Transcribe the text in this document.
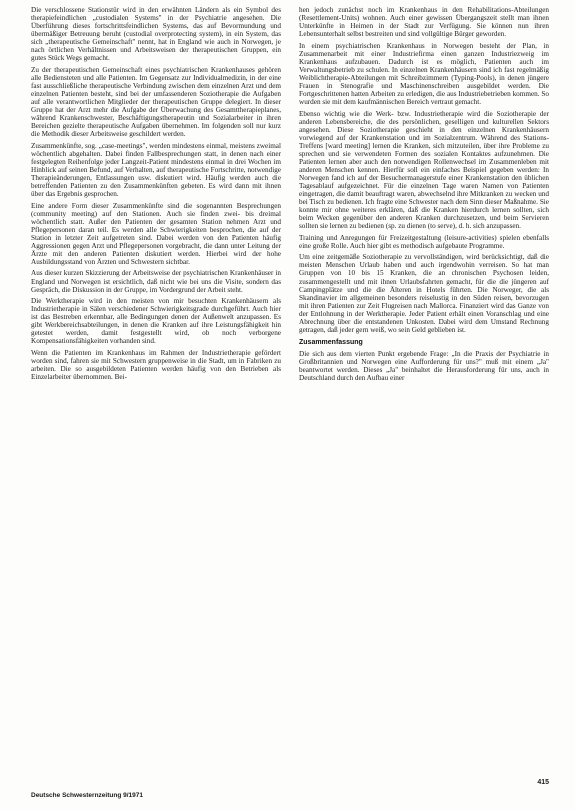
Die verschlossene Stationstür wird in den erwähnten Ländern als ein Symbol des therapiefeindlichen „custodialen Systems" in der Psychiatrie angesehen. Die Überführung dieses fortschrittsfeindlichen Systems, das auf Bevormundung und übermäßiger Betreuung beruht (custodial overprotecting system), in ein System, das sich „therapeutische Gemeinschaft" nennt, hat in England wie auch in Norwegen, je nach örtlichen Verhältnissen und Arbeitsweisen der therapeutischen Gruppen, ein gutes Stück Wegs gemacht.

Zu der therapeutischen Gemeinschaft eines psychiatrischen Krankenhauses gehören alle Bediensteten und alle Patienten. Im Gegensatz zur Individualmedizin, in der eine fast ausschließliche therapeutische Verbindung zwischen dem einzelnen Arzt und dem einzelnen Patienten besteht, sind bei der umfassenderen Soziotherapie die Aufgaben auf alle verantwortlichen Mitglieder der therapeutischen Gruppe delegiert. In dieser Gruppe hat der Arzt mehr die Aufgabe der Überwachung des Gesamttherapieplanes, während Krankenschwester, Beschäftigungstherapeutin und Sozialarbeiter in ihren Bereichen gezielte therapeutische Aufgaben übernehmen. Im folgenden soll nur kurz die Methodik dieser Arbeitsweise geschildert werden.

Zusammenkünfte, sog. „case-meetings", werden mindestens einmal, meistens zweimal wöchentlich abgehalten. Dabei finden Fallbesprechungen statt, in denen nach einer festgelegten Reihenfolge jeder Langzeit-Patient mindestens einmal in drei Wochen im Hinblick auf seinen Befund, auf Verhalten, auf therapeutische Fortschritte, notwendige Therapieänderungen, Entlassungen usw. diskutiert wird. Häufig werden auch die betreffenden Patienten zu den Zusammenkünften gebeten. Es wird dann mit ihnen über das Ergebnis gesprochen.

Eine andere Form dieser Zusammenkünfte sind die sogenannten Besprechungen (community meeting) auf den Stationen. Auch sie finden zwei- bis dreimal wöchentlich statt. Außer den Patienten der gesamten Station nehmen Arzt und Pflegepersonen daran teil. Es werden alle Schwierigkeiten besprochen, die auf der Station in letzter Zeit aufgetreten sind. Dabei werden von den Patienten häufig Aggressionen gegen Arzt und Pflegepersonen vorgebracht, die dann unter Leitung der Ärzte mit den anderen Patienten diskutiert werden. Hierbei wird der hohe Ausbildungsstand von Ärzten und Schwestern sichtbar.

Aus dieser kurzen Skizzierung der Arbeitsweise der psychiatrischen Krankenhäuser in England und Norwegen ist ersichtlich, daß nicht wie bei uns die Visite, sondern das Gespräch, die Diskussion in der Gruppe, im Vordergrund der Arbeit steht.

Die Werktherapie wird in den meisten von mir besuchten Krankenhäusern als Industrietherapie in Sälen verschiedener Schwierigkeitsgrade durchgeführt. Auch hier ist das Bestreben erkennbar, alle Bedingungen denen der Außenwelt anzupassen. Es gibt Werkbereichsabteilungen, in denen die Kranken auf ihre Leistungsfähigkeit hin getestet werden, damit festgestellt wird, ob noch verborgene Kompensationsfähigkeiten vorhanden sind.

Wenn die Patienten im Krankenhaus im Rahmen der Industrietherapie gefördert worden sind, fahren sie mit Schwestern gruppenweise in die Stadt, um in Fabriken zu arbeiten. Die so ausgebildeten Patienten werden häufig von den Betrieben als Einzelarbeiter übernommen. Bei-

hen jedoch zunächst noch im Krankenhaus in den Rehabilitations-Abteilungen (Resettlement-Units) wohnen. Auch einer gewissen Übergangszeit stellt man ihnen Unterkünfte in Heimen in der Stadt zur Verfügung. Sie können nun ihren Lebensunterhalt selbst bestreiten und sind vollgültige Bürger geworden.

In einem psychiatrischen Krankenhaus in Norwegen besteht der Plan, in Zusammenarbeit mit einer Industriefirma einen ganzen Industriezweig im Krankenhaus aufzubauen. Dadurch ist es möglich, Patienten auch im Verwaltungsbetrieb zu schulen. In einzelnen Krankenhäusern sind ich fast regelmäßig Weiblichtherapie-Abteilungen mit Schreibzimmern (Typing-Pools), in denen jüngere Frauen in Stenografie und Maschinenschreiben ausgebildet werden. Die Fortgeschrittenen hatten Arbeiten zu erledigen, die aus Industriebetrieben kommen. So wurden sie mit dem kaufmännischen Bereich vertraut gemacht.

Ebenso wichtig wie die Werk- bzw. Industrietherapie wird die Soziotherapie der anderen Lebensbereiche, die des persönlichen, geselligen und kulturellen Sektors angesehen. Diese Soziotherapie geschieht in den einzelnen Krankenhäusern vorwiegend auf der Krankenstation und im Sozialzentrum. Während des Stations-Treffens [ward meeting] lernen die Kranken, sich mitzuteilen, über ihre Probleme zu sprechen und sie verwendeten Formen des sozialen Kontaktes aufzunehmen. Die Patienten lernen aber auch den notwendigen Rollenwechsel im Zusammenleben mit anderen Menschen kennen. Hierfür soll ein einfaches Beispiel gegeben werden: In Norwegen fand ich auf der Besuchermanagerstufe einer Krankenstation den üblichen Tagesablauf aufgezeichnet. Für die einzelnen Tage waren Namen von Patienten eingetragen, die damit beauftragt waren, abwechselnd ihre Mitkranken zu wecken und bei Tisch zu bedienen. Ich fragte eine Schwester nach dem Sinn dieser Maßnahme. Sie konnte mir ohne weiteres erklären, daß die Kranken hierdurch lernen sollten, sich beim Wecken gegenüber den anderen Kranken durchzusetzen, und beim Servieren sollten sie lernen zu bedienen (sp. zu dienen (to serve), d. h. sich anzupassen.

Training und Anregungen für Freizeitgestaltung (leisure-activities) spielen ebenfalls eine große Rolle. Auch hier gibt es methodisch aufgebaute Programme.

Um eine zeitgemäße Soziotherapie zu vervollständigen, wird berücksichtigt, daß die meisten Menschen Urlaub haben und auch irgendwohin verreisen. So hat man Gruppen von 10 bis 15 Kranken, die an chronischen Psychosen leiden, zusammengestellt und mit ihnen Urlaubsfahrten gemacht, für die die jüngeren auf Campingplätze und die die Älteren in Hotels führten. Die Norweger, die als Skandinavier im allgemeinen besonders reiselustig in den Süden reisen, bevorzugen mit ihren Patienten zur Zeit Flugreisen nach Mallorca. Finanziert wird das Ganze von der Entlohnung in der Werktherapie. Jeder Patient erhält einen Voranschlag und eine Abrechnung über die entstandenen Unkosten. Dabei wird dem Umstand Rechnung getragen, daß jeder gern weiß, wo sein Geld geblieben ist.

Zusammenfassung

Die sich aus dem vierten Punkt ergebende Frage: „In die Praxis der Psychiatrie in Großbritannien und Norwegen eine Aufforderung für uns?" muß mit einem „Ja" beantwortet werden. Dieses „Ja" beinhaltet die Herausforderung für uns, auch in Deutschland durch den Aufbau einer

Deutsche Schwesternzeitung 9/1971
415
